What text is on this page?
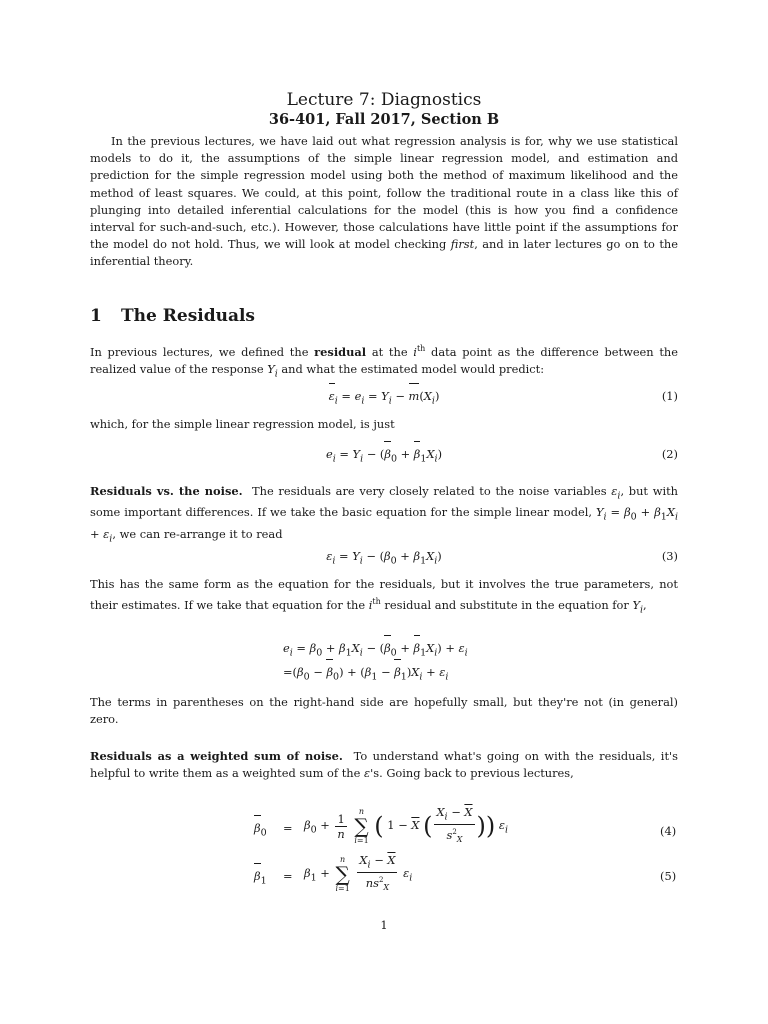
Lecture 7: Diagnostics
36-401, Fall 2017, Section B

In the previous lectures, we have laid out what regression analysis is for, why we use statistical models to do it, the assumptions of the simple linear regression model, and estimation and prediction for the simple regression model using both the method of maximum likelihood and the method of least squares. We could, at this point, follow the traditional route in a class like this of plunging into detailed inferential calculations for the model (this is how you find a confidence interval for such-and-such, etc.). However, those calculations have little point if the assumptions for the model do not hold. Thus, we will look at model checking first, and in later lectures go on to the inferential theory.

1 The Residuals

In previous lectures, we defined the residual at the $i^{th}$ data point as the difference between the realized value of the response $Y_i$ and what the estimated model would predict:

$\varepsilon_i = e_i = Y_i - m(X_i)$	(1)

which, for the simple linear regression model, is just

$e_i = Y_i - (\beta_0 + \beta_1X_i)$	(2)

Residuals vs. the noise. The residuals are very closely related to the noise variables $\varepsilon_i$, but with some important differences. If we take the basic equation for the simple linear model, $Y_i = \beta_0 + \beta_1X_i + \varepsilon_i$, we can re-arrange it to read

$\varepsilon_i = Y_i - (\beta_0 + \beta_1X_i)$	(3)

This has the same form as the equation for the residuals, but it involves the true parameters, not their estimates. If we take that equation for the $i^{th}$ residual and substitute in the equation for $Y_i$,

$e_i = \beta_0 + \beta_1X_i - (\beta_0 + \beta_1X_i) + \varepsilon_i$
$=(\beta_0 - \beta_0) + (\beta_1 - \beta_1)X_i + \varepsilon_i$

The terms in parentheses on the right-hand side are hopefully small, but they're not (in general) zero.

Residuals as a weighted sum of noise. To understand what's going on with the residuals, it's helpful to write them as a weighted sum of the ε's. Going back to previous lectures,

$\beta_0 = \beta_0 + \frac{1}{n}$
	n
∑
i=1
( $1 - \overline{X}$ ( $\frac{X_i - \overline{X}}{s^2_X}$ )) $\varepsilon_i$	(4)
$\beta_1 = \beta_1$ +
n
∑
i=1
$\frac{X_i - \overline{X}}{ns^2_X} \varepsilon_i$	(5)
1
